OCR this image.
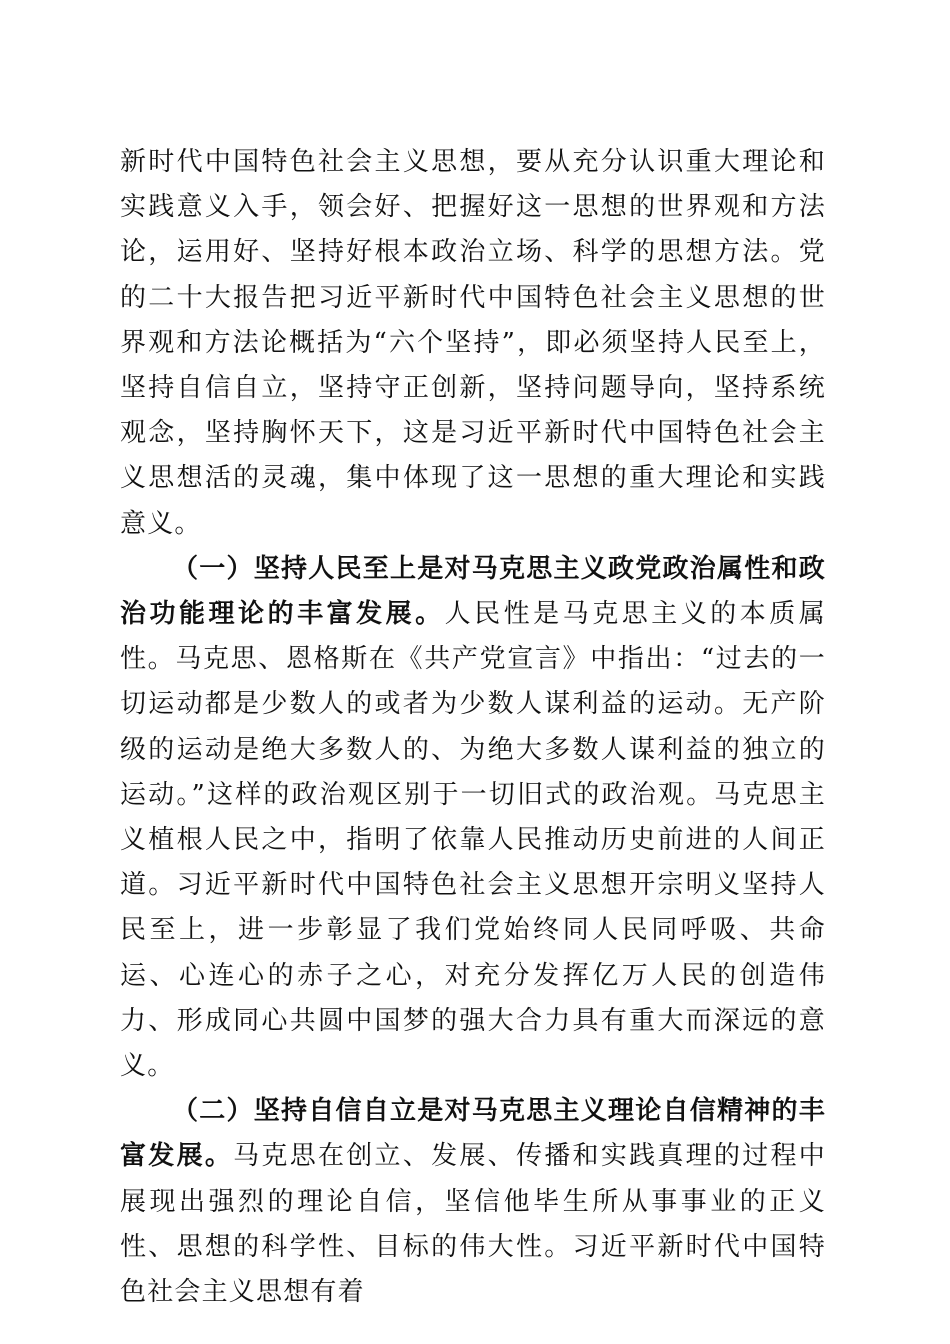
新时代中国特色社会主义思想，要从充分认识重大理论和实践意义入手，领会好、把握好这一思想的世界观和方法论，运用好、坚持好根本政治立场、科学的思想方法。党的二十大报告把习近平新时代中国特色社会主义思想的世界观和方法论概括为“六个坚持”，即必须坚持人民至上，坚持自信自立，坚持守正创新，坚持问题导向，坚持系统观念，坚持胸怀天下，这是习近平新时代中国特色社会主义思想活的灵魂，集中体现了这一思想的重大理论和实践意义。

（一）坚持人民至上是对马克思主义政党政治属性和政治功能理论的丰富发展。人民性是马克思主义的本质属性。马克思、恩格斯在《共产党宣言》中指出：“过去的一切运动都是少数人的或者为少数人谋利益的运动。无产阶级的运动是绝大多数人的、为绝大多数人谋利益的独立的运动。”这样的政治观区别于一切旧式的政治观。马克思主义植根人民之中，指明了依靠人民推动历史前进的人间正道。习近平新时代中国特色社会主义思想开宗明义坚持人民至上，进一步彰显了我们党始终同人民同呼吸、共命运、心连心的赤子之心，对充分发挥亿万人民的创造伟力、形成同心共圆中国梦的强大合力具有重大而深远的意义。

（二）坚持自信自立是对马克思主义理论自信精神的丰富发展。马克思在创立、发展、传播和实践真理的过程中展现出强烈的理论自信，坚信他毕生所从事事业的正义性、思想的科学性、目标的伟大性。习近平新时代中国特色社会主义思想有着
